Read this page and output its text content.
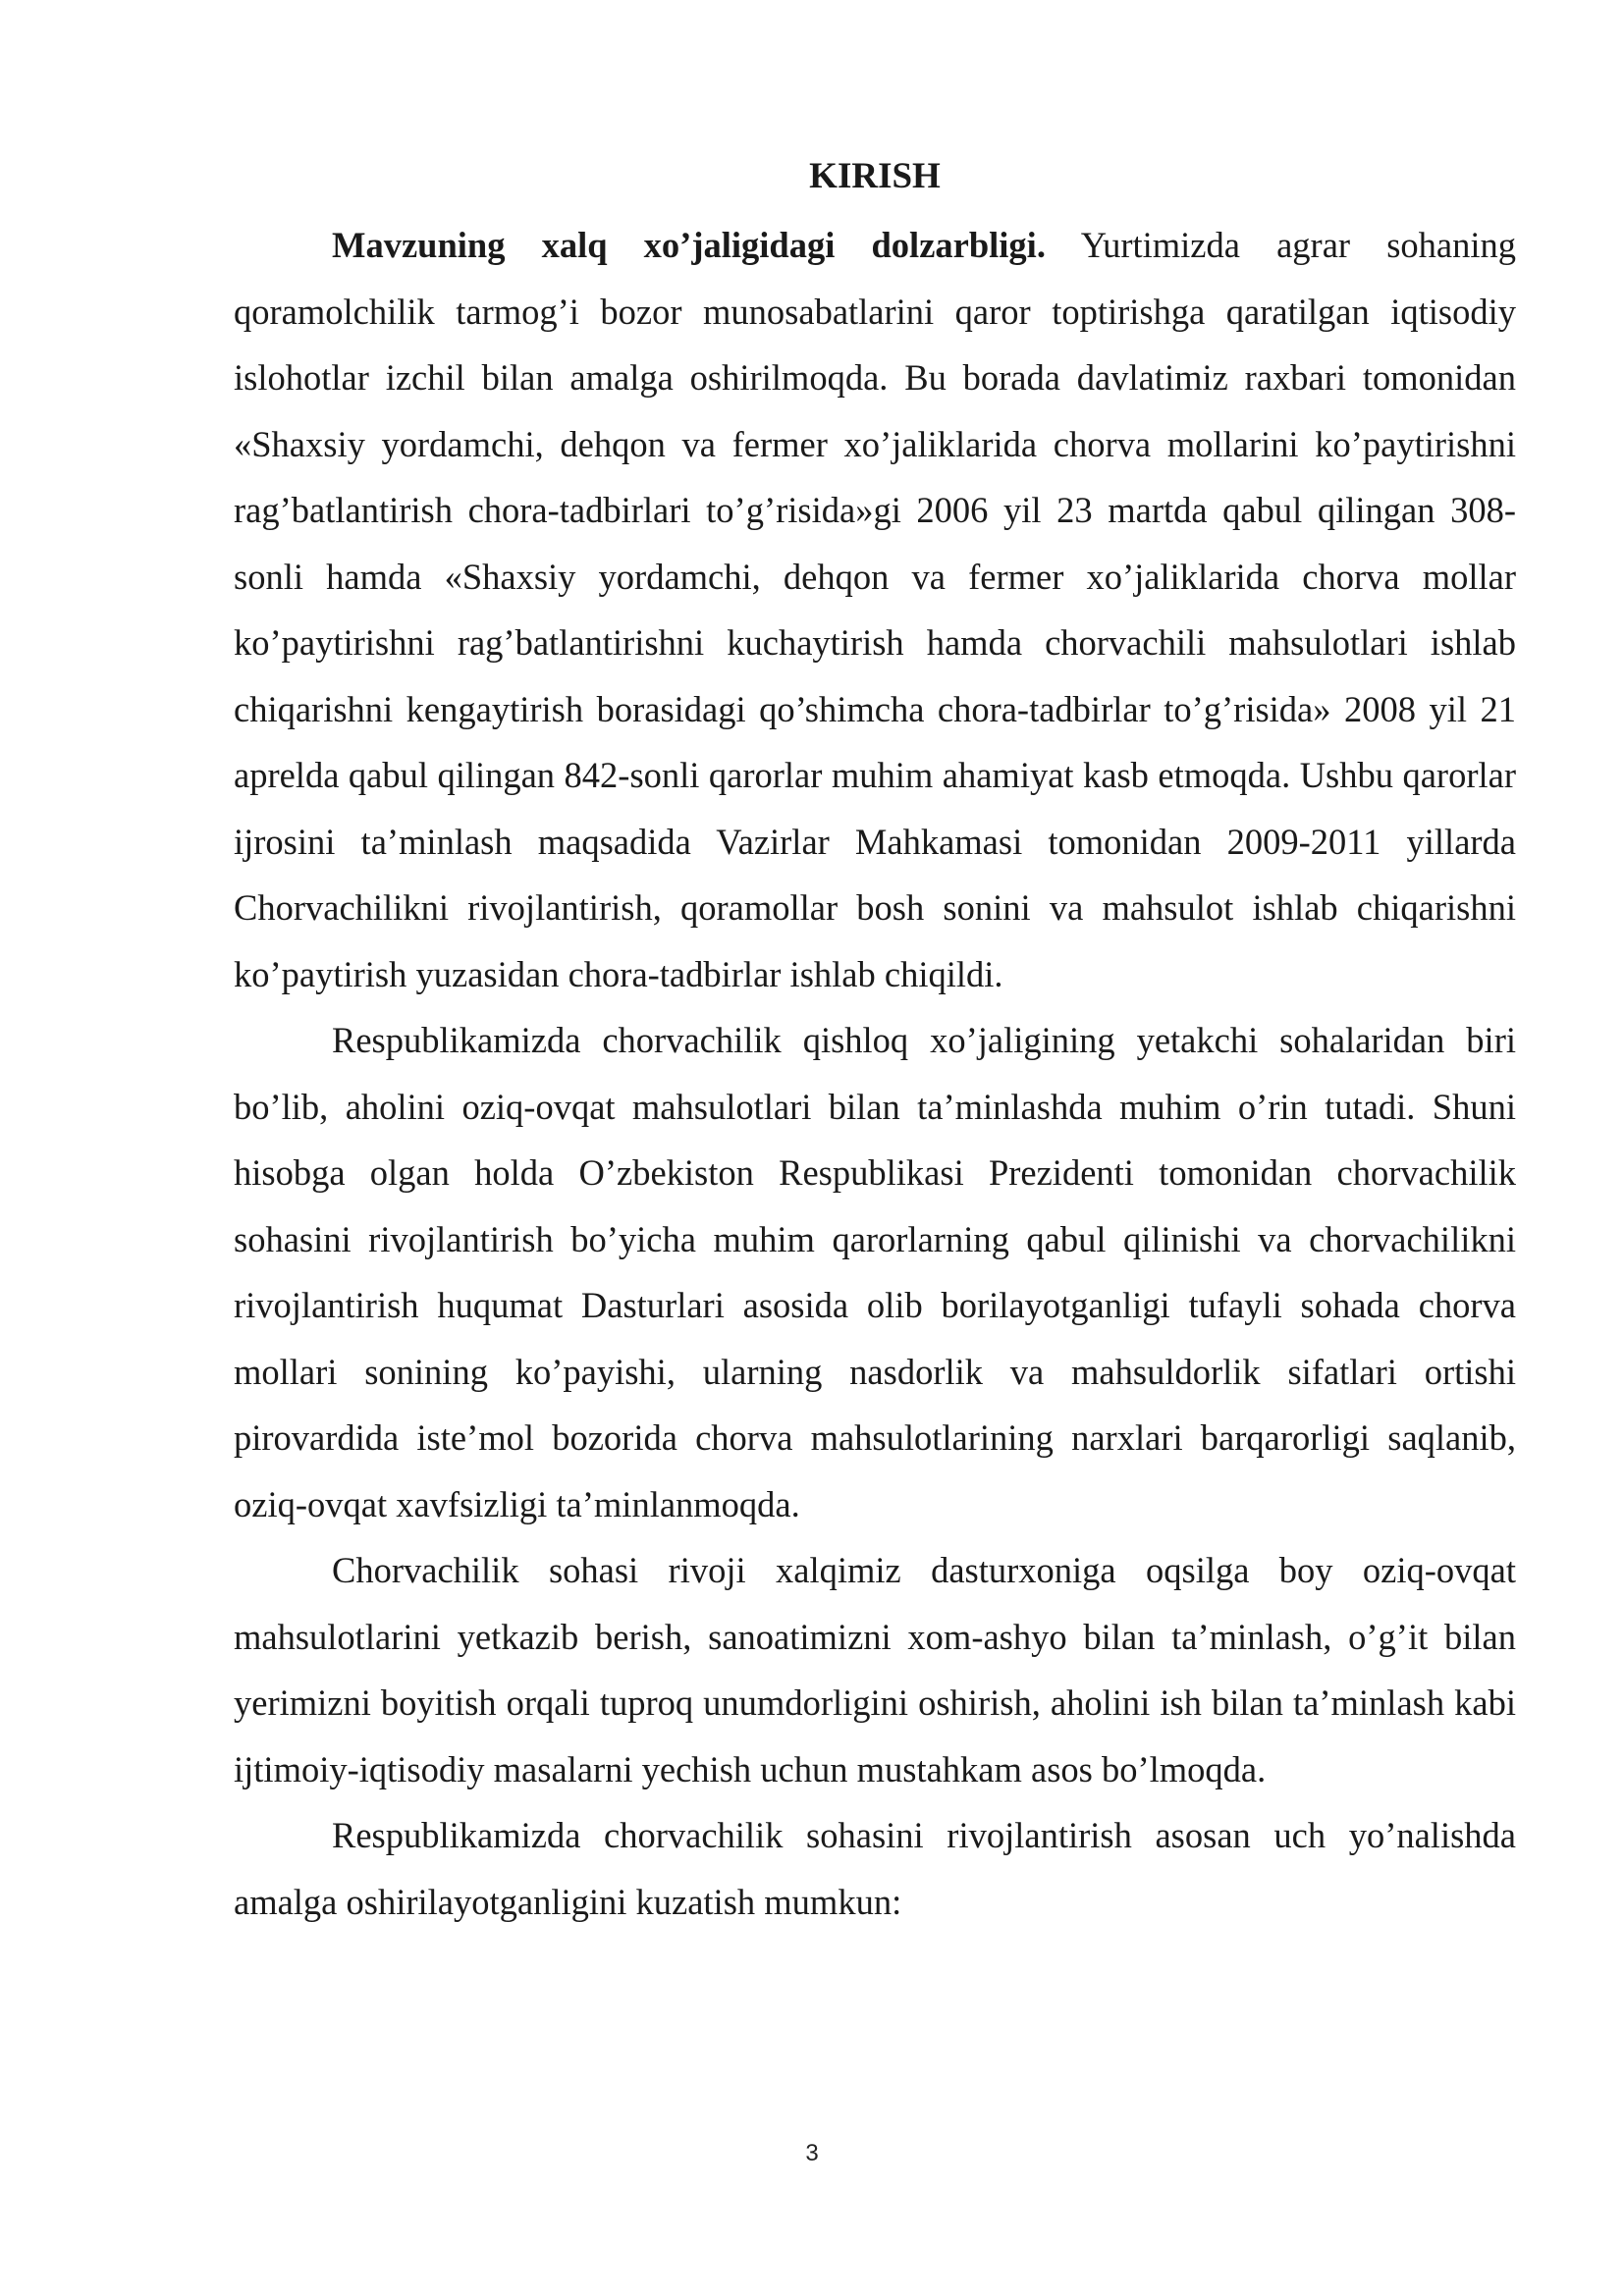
KIRISH

Mavzuning xalq xo’jaligidagi dolzarbligi. Yurtimizda agrar sohaning qoramolchilik tarmog’i bozor munosabatlarini qaror toptirishga qaratilgan iqtisodiy islohotlar izchil bilan amalga oshirilmoqda. Bu borada davlatimiz raxbari tomonidan «Shaxsiy yordamchi, dehqon va fermer xo’jaliklarida chorva mollarini ko’paytirishni rag’batlantirish chora-tadbirlari to’g’risida»gi 2006 yil 23 martda qabul qilingan 308-sonli hamda «Shaxsiy yordamchi, dehqon va fermer xo’jaliklarida chorva mollar ko’paytirishni rag’batlantirishni kuchaytirish hamda chorvachili mahsulotlari ishlab chiqarishni kengaytirish borasidagi qo’shimcha chora-tadbirlar to’g’risida» 2008 yil 21 aprelda qabul qilingan 842-sonli qarorlar muhim ahamiyat kasb etmoqda. Ushbu qarorlar ijrosini ta’minlash maqsadida Vazirlar Mahkamasi tomonidan 2009-2011 yillarda Chorvachilikni rivojlantirish, qoramollar bosh sonini va mahsulot ishlab chiqarishni ko’paytirish yuzasidan chora-tadbirlar ishlab chiqildi.

Respublikamizda chorvachilik qishloq xo’jaligining yetakchi sohalaridan biri bo’lib, aholini oziq-ovqat mahsulotlari bilan ta’minlashda muhim o’rin tutadi. Shuni hisobga olgan holda O’zbekiston Respublikasi Prezidenti tomonidan chorvachilik sohasini rivojlantirish bo’yicha muhim qarorlarning qabul qilinishi va chorvachilikni rivojlantirish huqumat Dasturlari asosida olib borilayotganligi tufayli sohada chorva mollari sonining ko’payishi, ularning nasdorlik va mahsuldorlik sifatlari ortishi pirovardida iste’mol bozorida chorva mahsulotlarining narxlari barqarorligi saqlanib, oziq-ovqat xavfsizligi ta’minlanmoqda.

Chorvachilik sohasi rivoji xalqimiz dasturxoniga oqsilga boy oziq-ovqat mahsulotlarini yetkazib berish, sanoatimizni xom-ashyo bilan ta’minlash, o’g’it bilan yerimizni boyitish orqali tuproq unumdorligini oshirish, aholini ish bilan ta’minlash kabi ijtimoiy-iqtisodiy masalarni yechish uchun mustahkam asos bo’lmoqda.

Respublikamizda chorvachilik sohasini rivojlantirish asosan uch yo’nalishda amalga oshirilayotganligini kuzatish mumkun:

3
